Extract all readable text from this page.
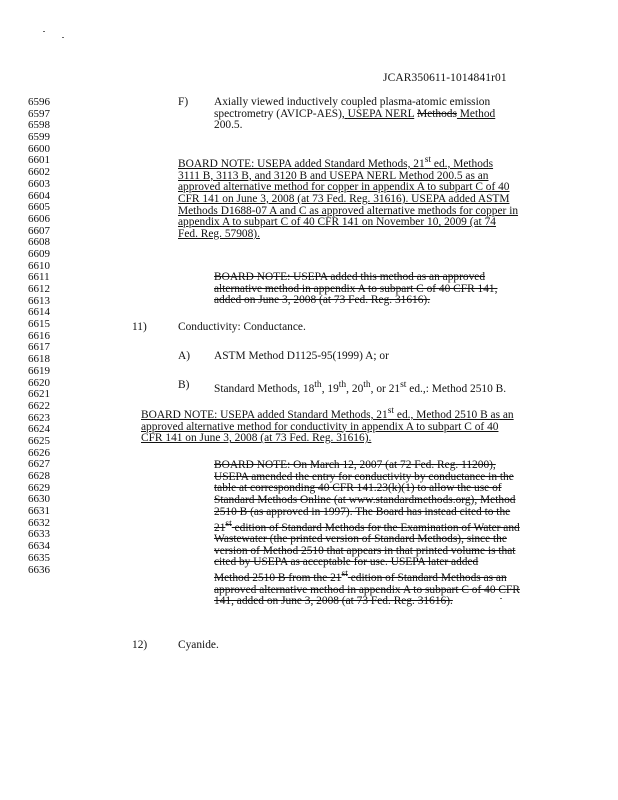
JCAR350611-1014841r01
6596
6597
6598
6599
6600
6601
6602
6603
6604
6605
6606
6607
6608
6609
6610
6611
6612
6613
6614
6615
6616
6617
6618
6619
6620
6621
6622
6623
6624
6625
6626
6627
6628
6629
6630
6631
6632
6633
6634
6635
6636
F) Axially viewed inductively coupled plasma-atomic emission
spectrometry (AVICP-AES), USEPA NERL Methods Method
200.5.
BOARD NOTE: USEPA added Standard Methods, 21st ed., Methods
3111 B, 3113 B, and 3120 B and USEPA NERL Method 200.5 as an
approved alternative method for copper in appendix A to subpart C of 40
CFR 141 on June 3, 2008 (at 73 Fed. Reg. 31616). USEPA added ASTM
Methods D1688-07 A and C as approved alternative methods for copper in
appendix A to subpart C of 40 CFR 141 on November 10, 2009 (at 74
Fed. Reg. 57908).
BOARD NOTE: USEPA added this method as an approved
alternative method in appendix A to subpart C of 40 CFR 141,
added on June 3, 2008 (at 73 Fed. Reg. 31616).
11)	Conductivity: Conductance.
A) ASTM Method D1125-95(1999) A; or
B) Standard Methods, 18th, 19th, 20th, or 21st ed.,: Method 2510 B.
BOARD NOTE: USEPA added Standard Methods, 21st ed., Method 2510 B as an
approved alternative method for conductivity in appendix A to subpart C of 40
CFR 141 on June 3, 2008 (at 73 Fed. Reg. 31616).
BOARD NOTE: On March 12, 2007 (at 72 Fed. Reg. 11200),
USEPA amended the entry for conductivity by conductance in the
table at corresponding 40 CFR 141.23(k)(1) to allow the use of
Standard Methods Online (at www.standardmethods.org), Method
2510 B (as approved in 1997). The Board has instead cited to the
21st edition of Standard Methods for the Examination of Water and
Wastewater (the printed version of Standard Methods), since the
version of Method 2510 that appears in that printed volume is that
cited by USEPA as acceptable for use. USEPA later added
Method 2510 B from the 21st edition of Standard Methods as an
approved alternative method in appendix A to subpart C of 40 CFR
141, added on June 3, 2008 (at 73 Fed. Reg. 31616).
12)	Cyanide.
